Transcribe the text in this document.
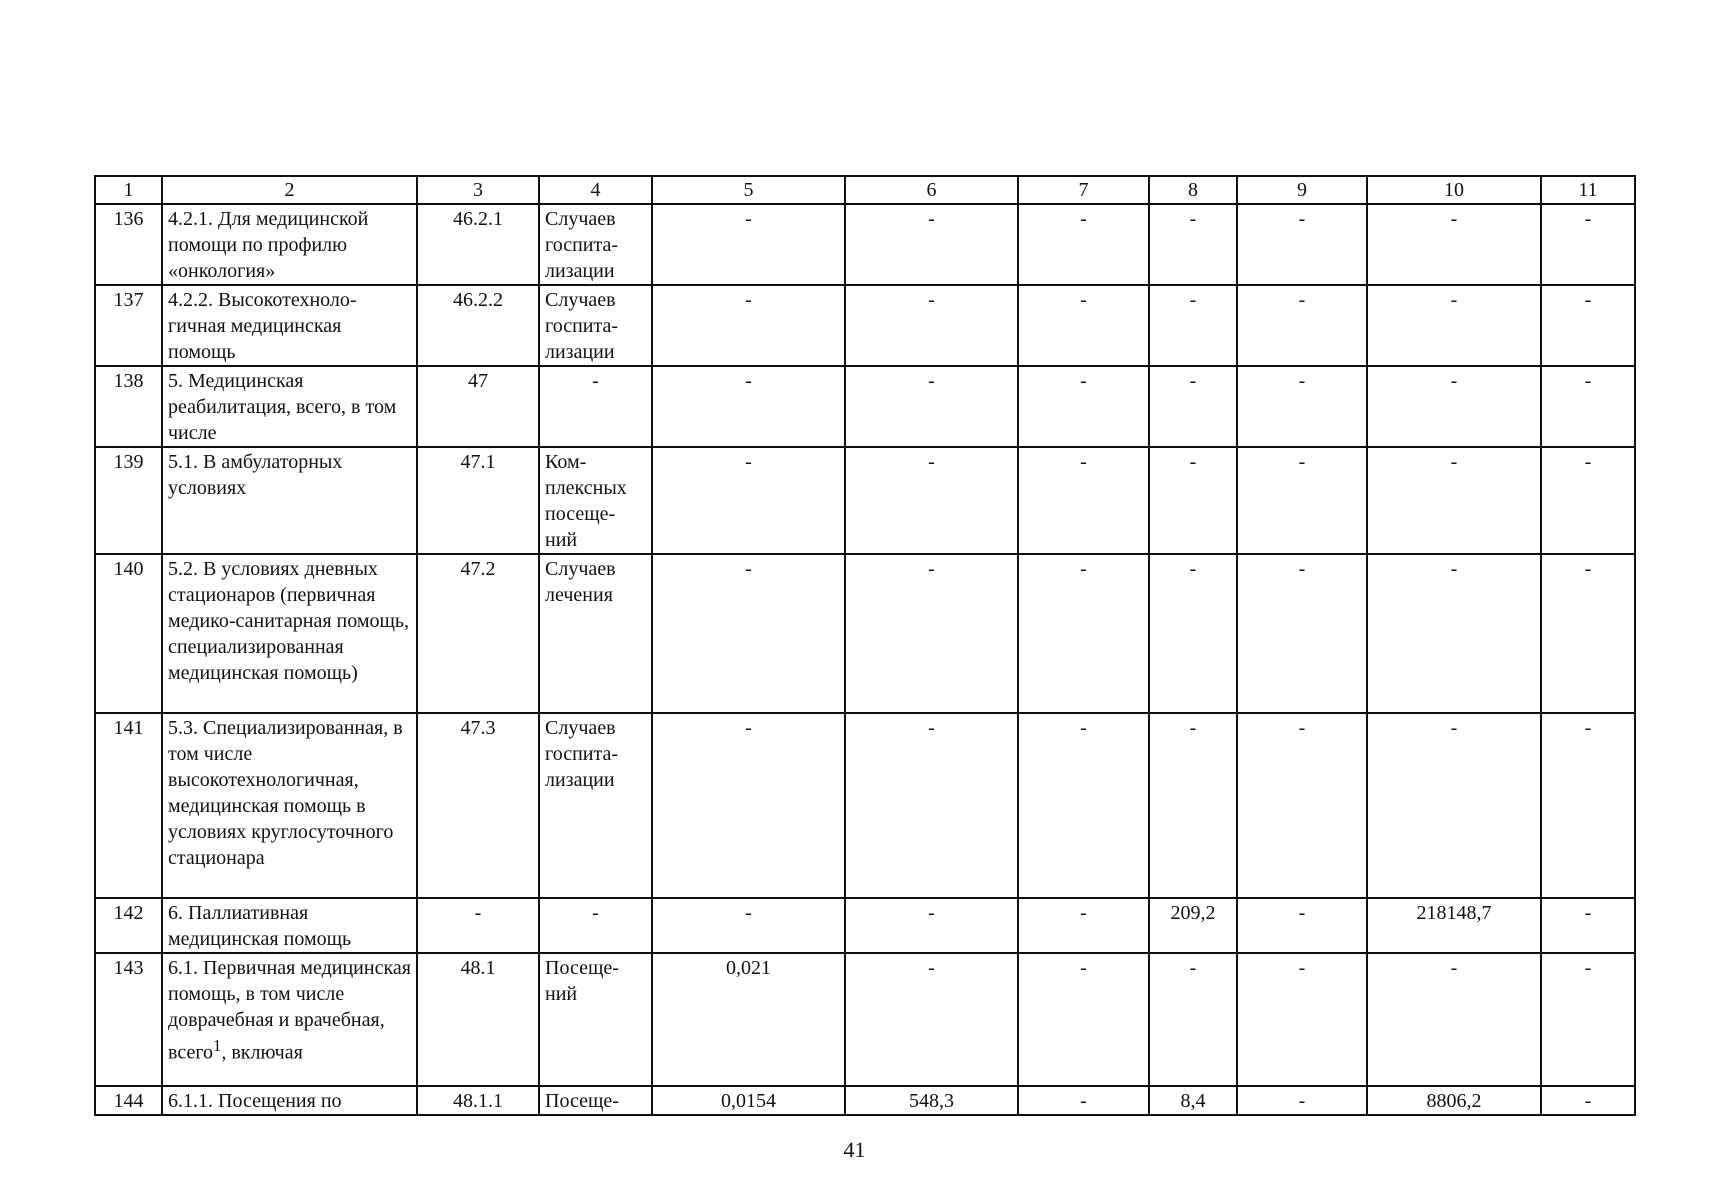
1	2	3	4	5	6	7	8	9	10	11
136	4.2.1. Для медицинской помощи по профилю «онкология»	46.2.1	Случаев госпита-лизации	-	-	-	-	-	-	-
137	4.2.2. Высокотехноло-гичная медицинская помощь	46.2.2	Случаев госпита-лизации	-	-	-	-	-	-	-
138	5. Медицинская реабилитация, всего, в том числе	47	-	-	-	-	-	-	-	-
139	5.1. В амбулаторных условиях	47.1	Ком-плексных посеще-ний	-	-	-	-	-	-	-
140	5.2. В условиях дневных стационаров (первичная медико-санитарная помощь, специализированная медицинская помощь)	47.2	Случаев лечения	-	-	-	-	-	-	-
141	5.3. Специализированная, в том числе высокотехнологичная, медицинская помощь в условиях круглосуточного стационара	47.3	Случаев госпита-лизации	-	-	-	-	-	-	-
142	6. Паллиативная медицинская помощь	-	-	-	-	-	209,2	-	218148,7	-
143	6.1. Первичная медицинская помощь, в том числе доврачебная и врачебная, всего$^1$, включая	48.1	Посеще-ний	0,021	-	-	-	-	-	-
144	6.1.1. Посещения по	48.1.1	Посеще-	0,0154	548,3	-	8,4	-	8806,2	-
41
